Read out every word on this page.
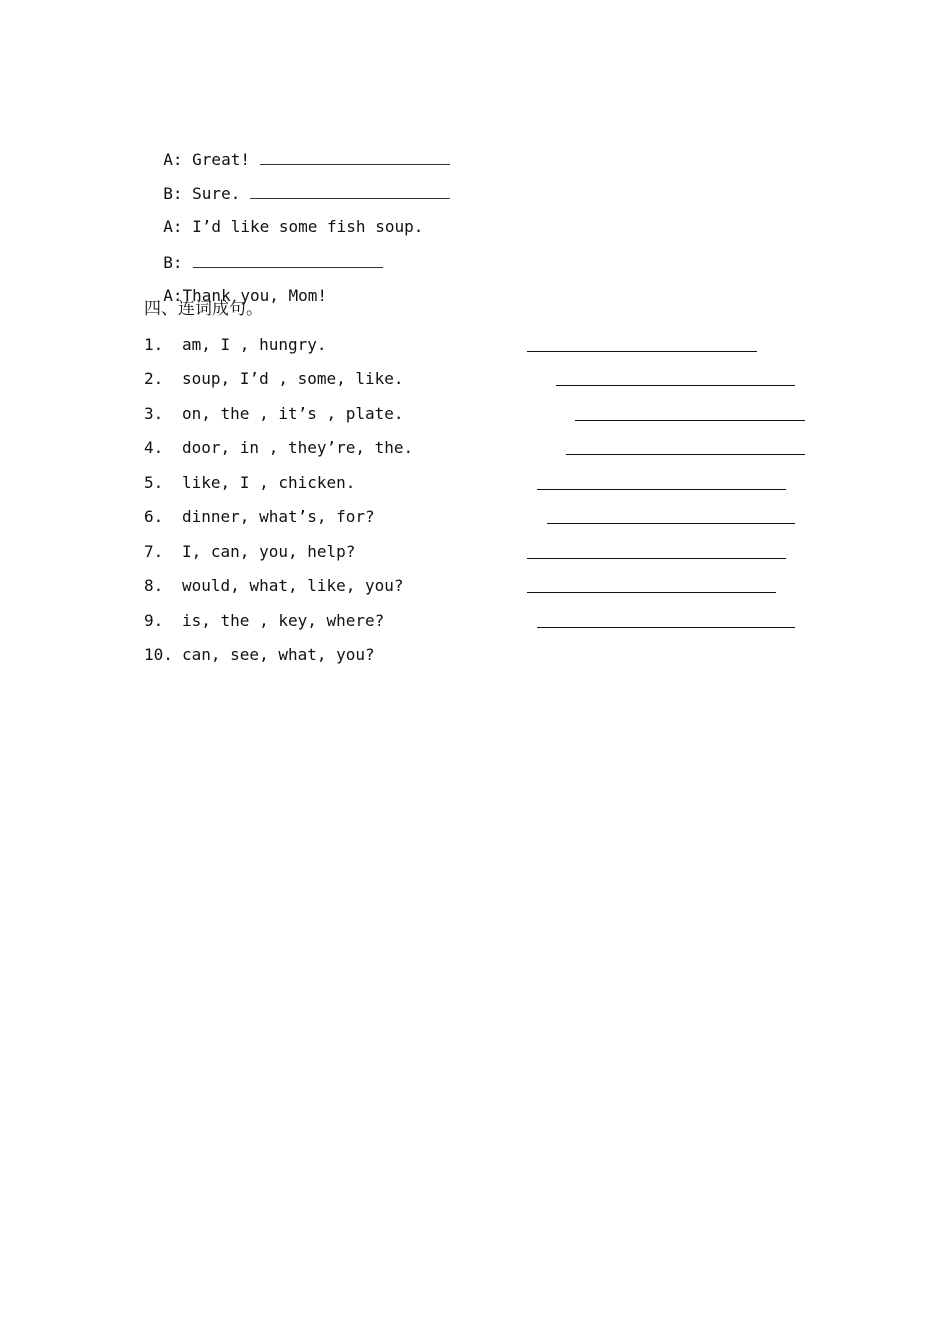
A: Great!

B: Sure.

A: I’d like some fish soup.

B:

A:Thank you, Mom!

四、连词成句。
1. am, I , hungry.
2. soup, I’d , some, like.
3. on, the , it’s , plate.
4. door, in , they’re, the.
5. like, I , chicken.
6. dinner, what’s, for?
7. I, can, you, help?
8. would, what, like, you?
9. is, the , key, where?
10. can, see, what, you?
